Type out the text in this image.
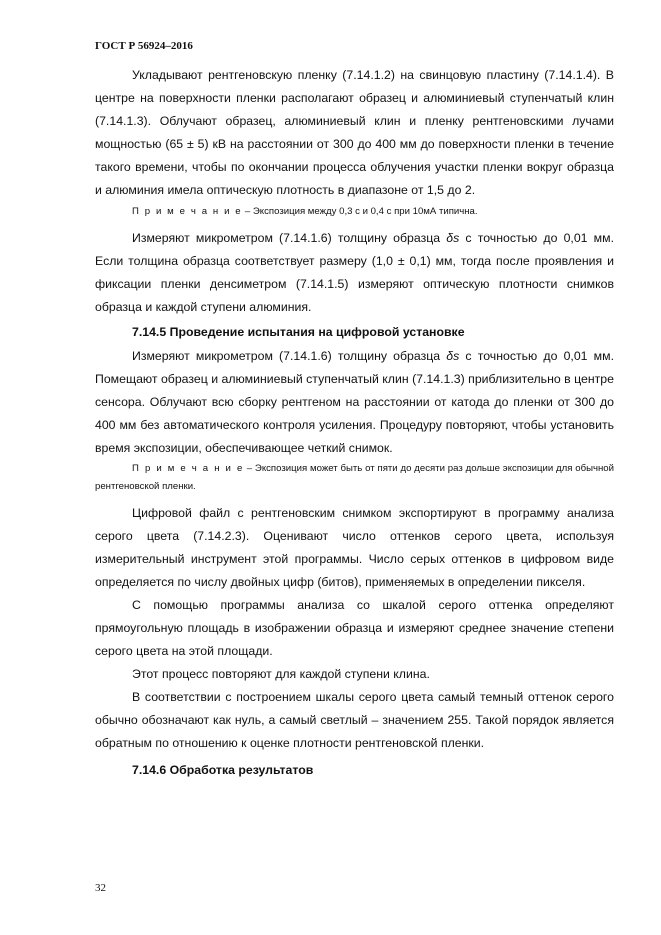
ГОСТ Р 56924–2016

Укладывают рентгеновскую пленку (7.14.1.2) на свинцовую пластину (7.14.1.4). В центре на поверхности пленки располагают образец и алюминиевый ступенчатый клин (7.14.1.3). Облучают образец, алюминиевый клин и пленку рентгеновскими лучами мощностью (65 ± 5) кВ на расстоянии от 300 до 400 мм до поверхности пленки в течение такого времени, чтобы по окончании процесса облучения участки пленки вокруг образца и алюминия имела оптическую плотность в диапазоне от 1,5 до 2.

П р и м е ч а н и е – Экспозиция между 0,3 с и 0,4 с при 10мА типична.

Измеряют микрометром (7.14.1.6) толщину образца δs с точностью до 0,01 мм. Если толщина образца соответствует размеру (1,0 ± 0,1) мм, тогда после проявления и фиксации пленки денсиметром (7.14.1.5) измеряют оптическую плотности снимков образца и каждой ступени алюминия.

7.14.5 Проведение испытания на цифровой установке

Измеряют микрометром (7.14.1.6) толщину образца δs с точностью до 0,01 мм. Помещают образец и алюминиевый ступенчатый клин (7.14.1.3) приблизительно в центре сенсора. Облучают всю сборку рентгеном на расстоянии от катода до пленки от 300 до 400 мм без автоматического контроля усиления. Процедуру повторяют, чтобы установить время экспозиции, обеспечивающее четкий снимок.

П р и м е ч а н и е – Экспозиция может быть от пяти до десяти раз дольше экспозиции для обычной рентгеновской пленки.

Цифровой файл с рентгеновским снимком экспортируют в программу анализа серого цвета (7.14.2.3). Оценивают число оттенков серого цвета, используя измерительный инструмент этой программы. Число серых оттенков в цифровом виде определяется по числу двойных цифр (битов), применяемых в определении пикселя.

С помощью программы анализа со шкалой серого оттенка определяют прямоугольную площадь в изображении образца и измеряют среднее значение степени серого цвета на этой площади.

Этот процесс повторяют для каждой ступени клина.

В соответствии с построением шкалы серого цвета самый темный оттенок серого обычно обозначают как нуль, а самый светлый – значением 255. Такой порядок является обратным по отношению к оценке плотности рентгеновской пленки.

7.14.6 Обработка результатов
32
